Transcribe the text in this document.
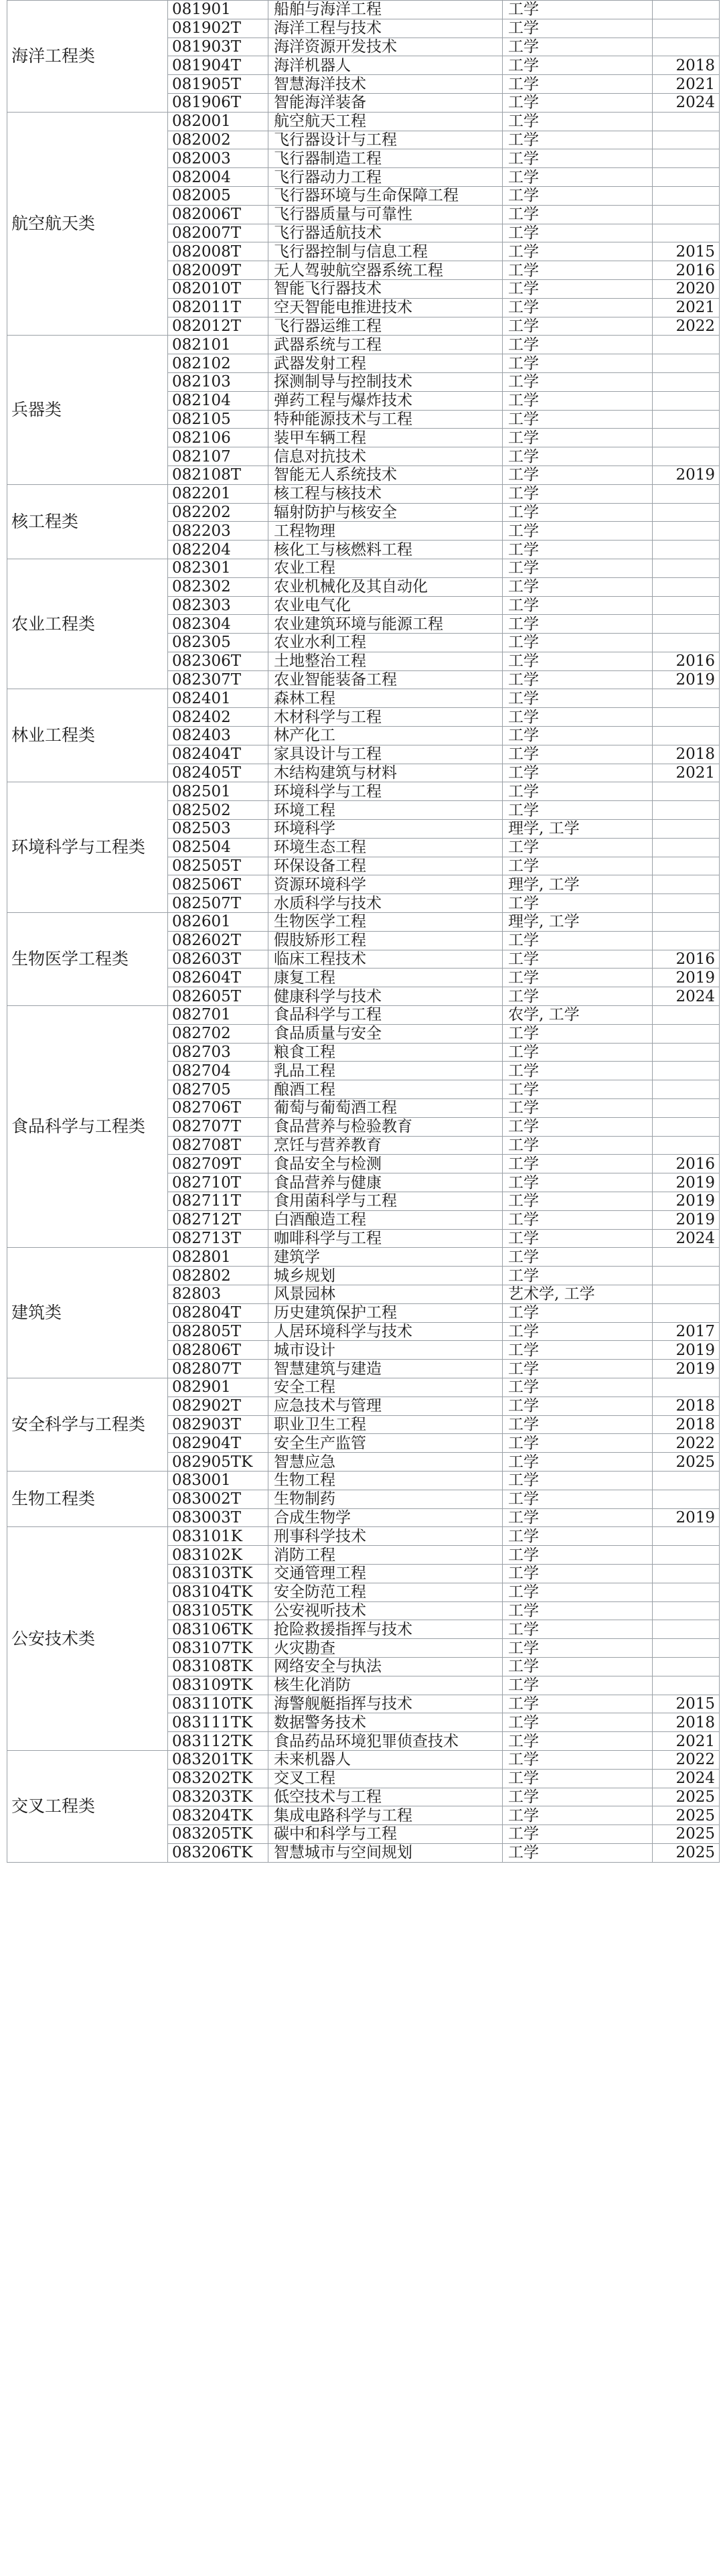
海洋工程类	081901	船舶与海洋工程	工学	
	081902T	海洋工程与技术	工学	
	081903T	海洋资源开发技术	工学	
	081904T	海洋机器人	工学	2018
	081905T	智慧海洋技术	工学	2021
	081906T	智能海洋装备	工学	2024
航空航天类	082001	航空航天工程	工学	
	082002	飞行器设计与工程	工学	
	082003	飞行器制造工程	工学	
	082004	飞行器动力工程	工学	
	082005	飞行器环境与生命保障工程	工学	
	082006T	飞行器质量与可靠性	工学	
	082007T	飞行器适航技术	工学	
	082008T	飞行器控制与信息工程	工学	2015
	082009T	无人驾驶航空器系统工程	工学	2016
	082010T	智能飞行器技术	工学	2020
	082011T	空天智能电推进技术	工学	2021
	082012T	飞行器运维工程	工学	2022
兵器类	082101	武器系统与工程	工学	
	082102	武器发射工程	工学	
	082103	探测制导与控制技术	工学	
	082104	弹药工程与爆炸技术	工学	
	082105	特种能源技术与工程	工学	
	082106	装甲车辆工程	工学	
	082107	信息对抗技术	工学	
	082108T	智能无人系统技术	工学	2019
核工程类	082201	核工程与核技术	工学	
	082202	辐射防护与核安全	工学	
	082203	工程物理	工学	
	082204	核化工与核燃料工程	工学	
农业工程类	082301	农业工程	工学	
	082302	农业机械化及其自动化	工学	
	082303	农业电气化	工学	
	082304	农业建筑环境与能源工程	工学	
	082305	农业水利工程	工学	
	082306T	土地整治工程	工学	2016
	082307T	农业智能装备工程	工学	2019
林业工程类	082401	森林工程	工学	
	082402	木材科学与工程	工学	
	082403	林产化工	工学	
	082404T	家具设计与工程	工学	2018
	082405T	木结构建筑与材料	工学	2021
环境科学与工程类	082501	环境科学与工程	工学	
	082502	环境工程	工学	
	082503	环境科学	理学, 工学	
	082504	环境生态工程	工学	
	082505T	环保设备工程	工学	
	082506T	资源环境科学	理学, 工学	
	082507T	水质科学与技术	工学	
生物医学工程类	082601	生物医学工程	理学, 工学	
	082602T	假肢矫形工程	工学	
	082603T	临床工程技术	工学	2016
	082604T	康复工程	工学	2019
	082605T	健康科学与技术	工学	2024
食品科学与工程类	082701	食品科学与工程	农学, 工学	
	082702	食品质量与安全	工学	
	082703	粮食工程	工学	
	082704	乳品工程	工学	
	082705	酿酒工程	工学	
	082706T	葡萄与葡萄酒工程	工学	
	082707T	食品营养与检验教育	工学	
	082708T	烹饪与营养教育	工学	
	082709T	食品安全与检测	工学	2016
	082710T	食品营养与健康	工学	2019
	082711T	食用菌科学与工程	工学	2019
	082712T	白酒酿造工程	工学	2019
	082713T	咖啡科学与工程	工学	2024
建筑类	082801	建筑学	工学	
	082802	城乡规划	工学	
	82803	风景园林	艺术学, 工学	
	082804T	历史建筑保护工程	工学	
	082805T	人居环境科学与技术	工学	2017
	082806T	城市设计	工学	2019
	082807T	智慧建筑与建造	工学	2019
安全科学与工程类	082901	安全工程	工学	
	082902T	应急技术与管理	工学	2018
	082903T	职业卫生工程	工学	2018
	082904T	安全生产监管	工学	2022
	082905TK	智慧应急	工学	2025
生物工程类	083001	生物工程	工学	
	083002T	生物制药	工学	
	083003T	合成生物学	工学	2019
公安技术类	083101K	刑事科学技术	工学	
	083102K	消防工程	工学	
	083103TK	交通管理工程	工学	
	083104TK	安全防范工程	工学	
	083105TK	公安视听技术	工学	
	083106TK	抢险救援指挥与技术	工学	
	083107TK	火灾勘查	工学	
	083108TK	网络安全与执法	工学	
	083109TK	核生化消防	工学	
	083110TK	海警舰艇指挥与技术	工学	2015
	083111TK	数据警务技术	工学	2018
	083112TK	食品药品环境犯罪侦查技术	工学	2021
交叉工程类	083201TK	未来机器人	工学	2022
	083202TK	交叉工程	工学	2024
	083203TK	低空技术与工程	工学	2025
	083204TK	集成电路科学与工程	工学	2025
	083205TK	碳中和科学与工程	工学	2025
	083206TK	智慧城市与空间规划	工学	2025
